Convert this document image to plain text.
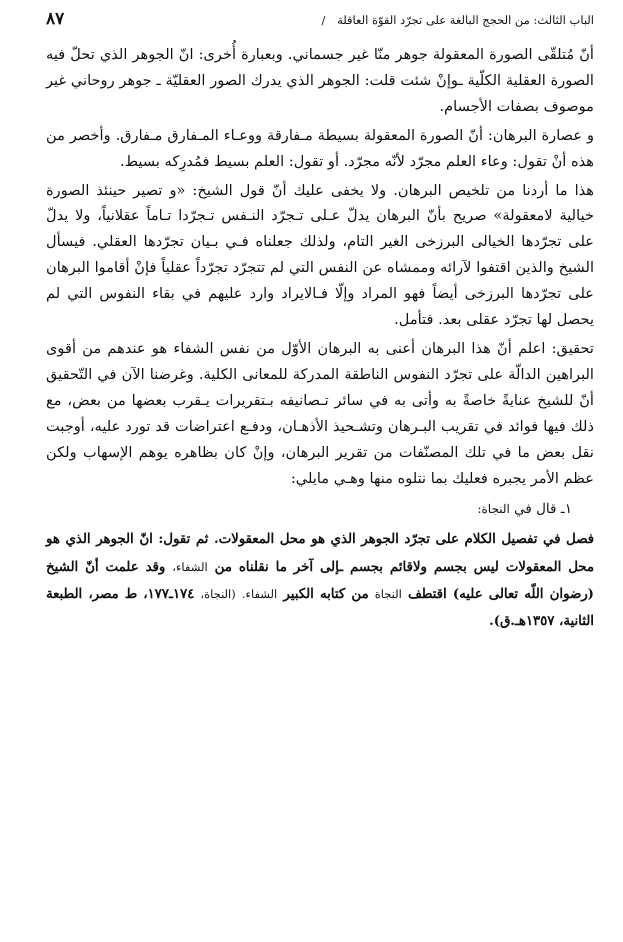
الباب الثالث: من الحجج البالغة على تجرّد القوّة العاقلة /
٨٧

أنّ مُتلقّى الصورة المعقولة جوهر منّا غير جسماني. وبعبارة أُخرى: انّ الجوهر الذي تحلّ فيه الصورة العقلية الكلّية ـوإنْ شئت قلت: الجوهر الذي يدرك الصور العقليّة ـ جوهر روحاني غير موصوف بصفات الأجسام.

و عصارة البرهان: أنّ الصورة المعقولة بسيطة مـفارقة ووعـاء المـفارق مـفارق. وأخصر من هذه أنْ تقول: وعاء العلم مجرّد لأنّه مجرّد. أو تقول: العلم بسيط فمُدرِكه بسيط.

هذا ما أردنا من تلخيص البرهان. ولا يخفى عليك أنّ قول الشيخ: «و تصير حينئذ الصورة خيالية لامعقولة» صريح بأنّ البرهان يدلّ عـلى تـجرّد النـفس تـجرّدا تـاماً عقلانياً، ولا يدلّ على تجرّدها الخيالى البرزخى الغير التام، ولذلك جعلناه فـي بـيان تجرّدها العقلي. فيسأل الشيخ والذين اقتفوا لآرائه وممشاه عن النفس التي لم تتجرّد تجرّداً عقلياً فإنْ أقاموا البرهان على تجرّدها البرزخى أيضاً فهو المراد وإلّا فـالايراد وارد عليهم في بقاء النفوس التي لم يحصل لها تجرّد عقلى بعد. فتأمل.

تحقيق: اعلم أنّ هذا البرهان أعنى به البرهان الأوّل من نفس الشفاء هو عندهم من أقوى البراهين الدالّة على تجرّد النفوس الناطقة المدركة للمعانى الكلية. وغرضنا الآن في التّحقيق أنّ للشيخ عنايةً خاصةً به وأتى به في سائر تـصانيفه بـتقريرات يـقرب بعضها من بعض، مع ذلك فيها فوائد في تقريب البـرهان وتشـحيذ الأذهـان، ودفـع اعتراضات قد تورد عليه، أوجبت نقل بعض ما في تلك المصنّفات من تقرير البرهان، وإنْ كان بظاهره يوهم الإسهاب ولكن عظم الأمر يجبره فعليك بما نتلوه منها وهـي مايلي:

١ـ قال في النجاة:
فصل في تفصيل الكلام على تجرّد الجوهر الذي هو محل المعقولات. ثم تقول: انّ الجوهر الذي هو محل المعقولات ليس بجسم ولاقائم بجسم ـإلى آخر ما نقلناه من الشفاء، وقد علمت أنّ الشيخ (رضوان اللّه تعالى عليه) اقتطف النجاة من كتابه الكبير الشفاء. (النجاة، ١٧٤ـ١٧٧، ط مصر، الطبعة الثانية، ١٣٥٧هـ.ق).
